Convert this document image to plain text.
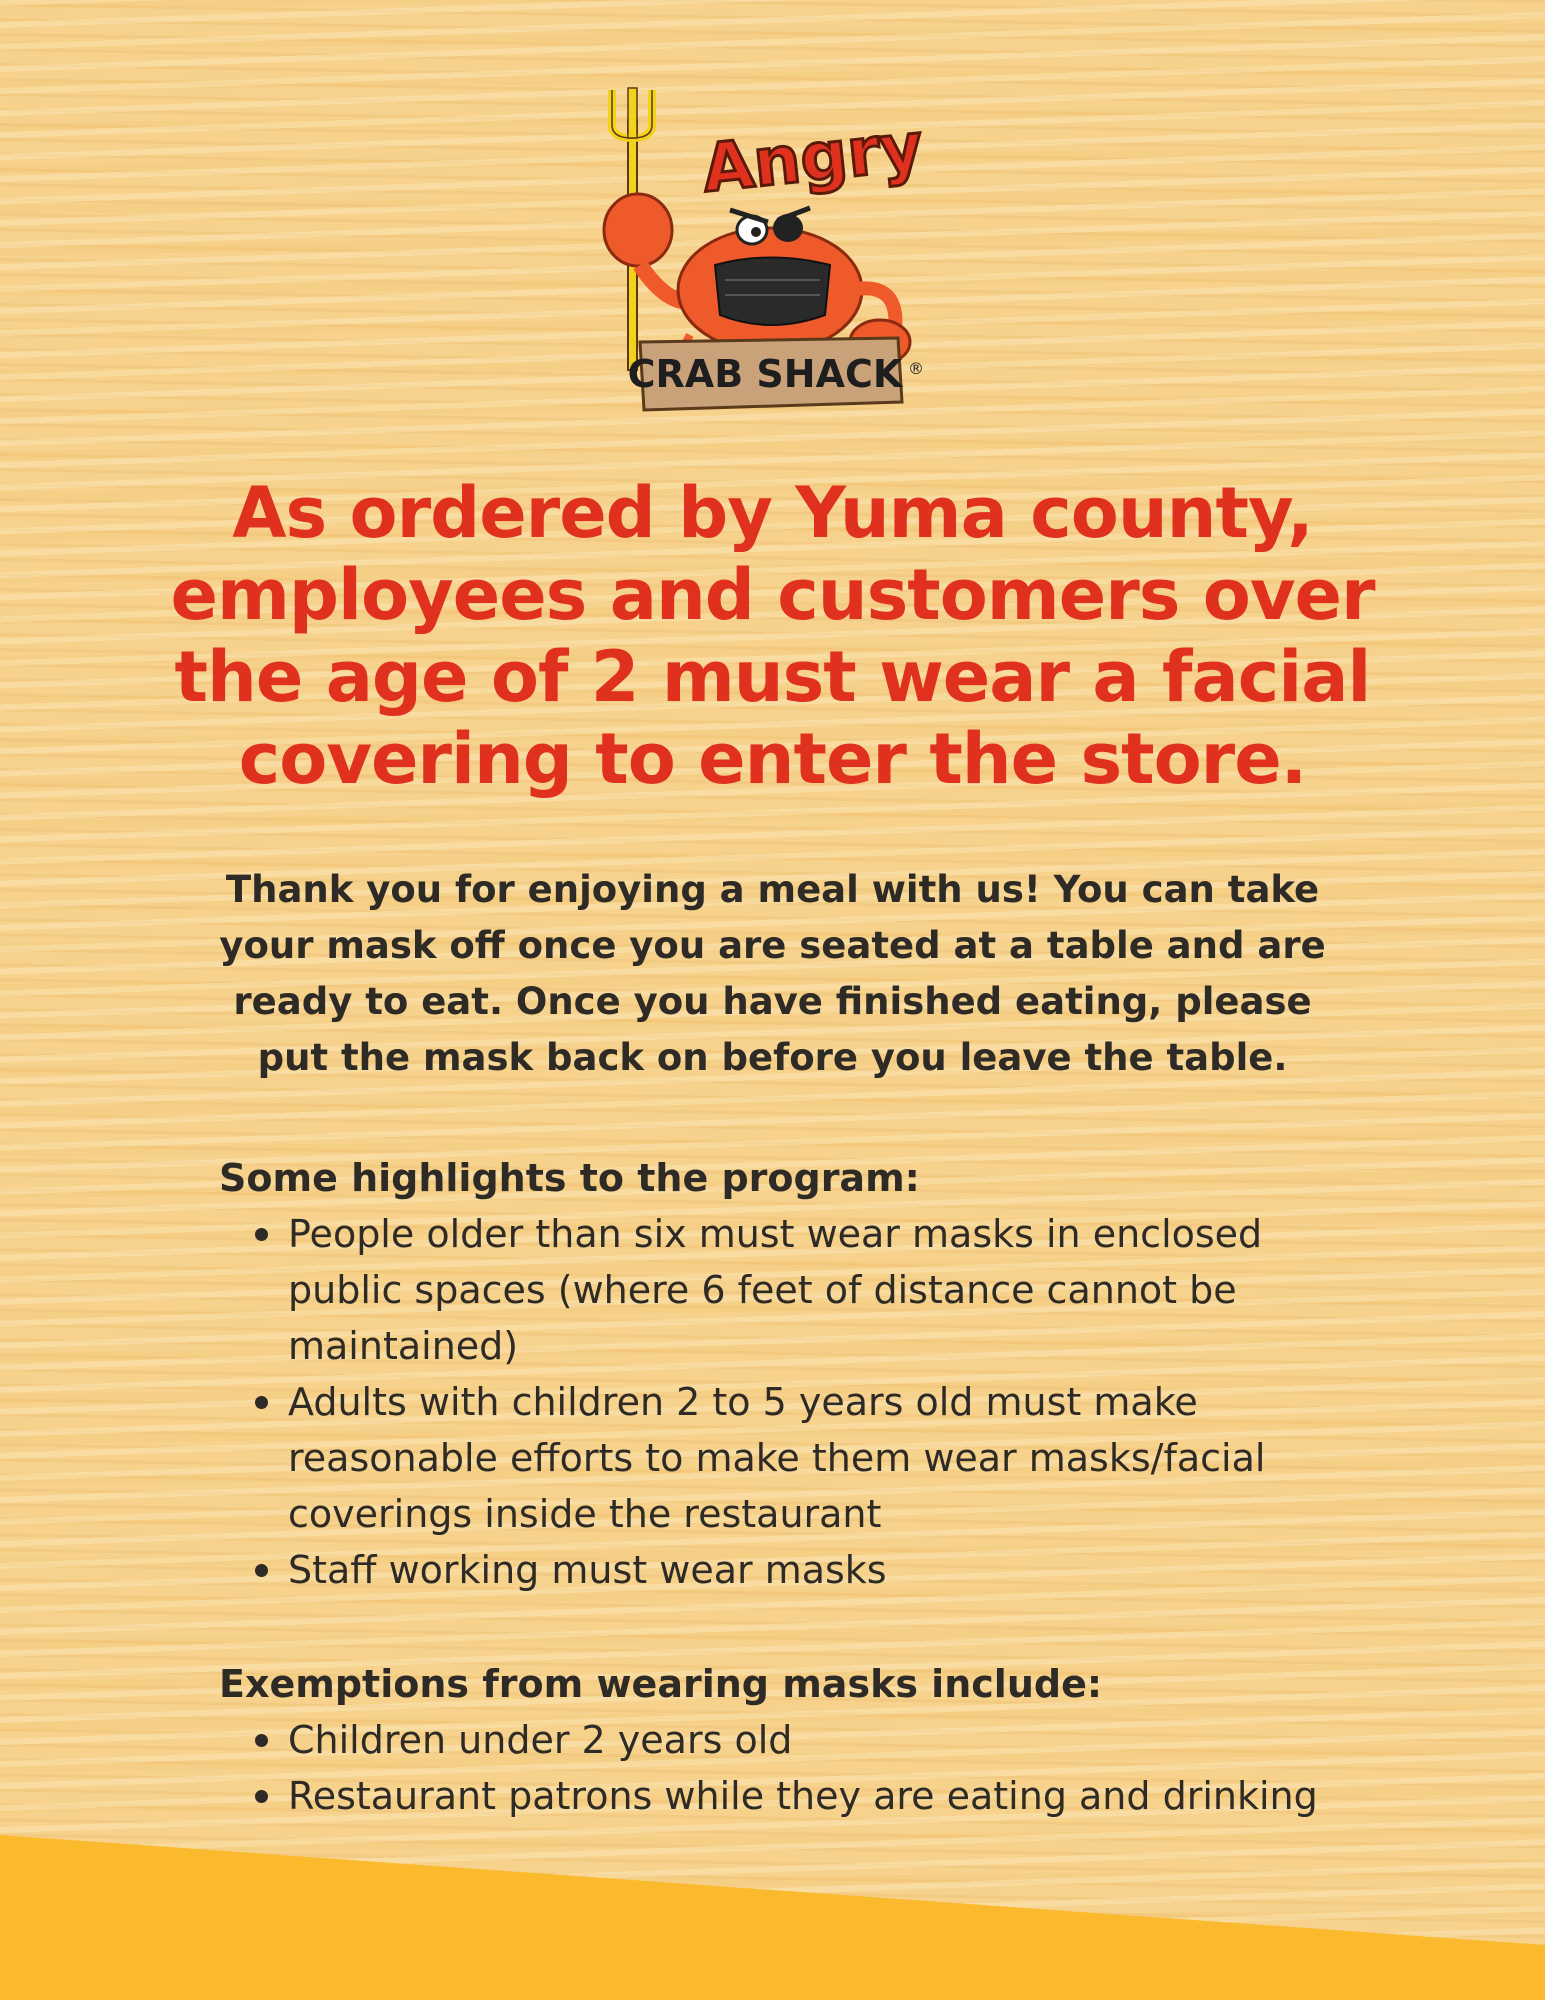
Angry
CRAB SHACK ®
As ordered by Yuma county, employees and customers over the age of 2 must wear a facial covering to enter the store.

Thank you for enjoying a meal with us! You can take your mask off once you are seated at a table and are ready to eat. Once you have finished eating, please put the mask back on before you leave the table.

Some highlights to the program:
People older than six must wear masks in enclosed public spaces (where 6 feet of distance cannot be maintained)
Adults with children 2 to 5 years old must make reasonable efforts to make them wear masks/facial coverings inside the restaurant
Staff working must wear masks
Exemptions from wearing masks include:
Children under 2 years old
Restaurant patrons while they are eating and drinking
